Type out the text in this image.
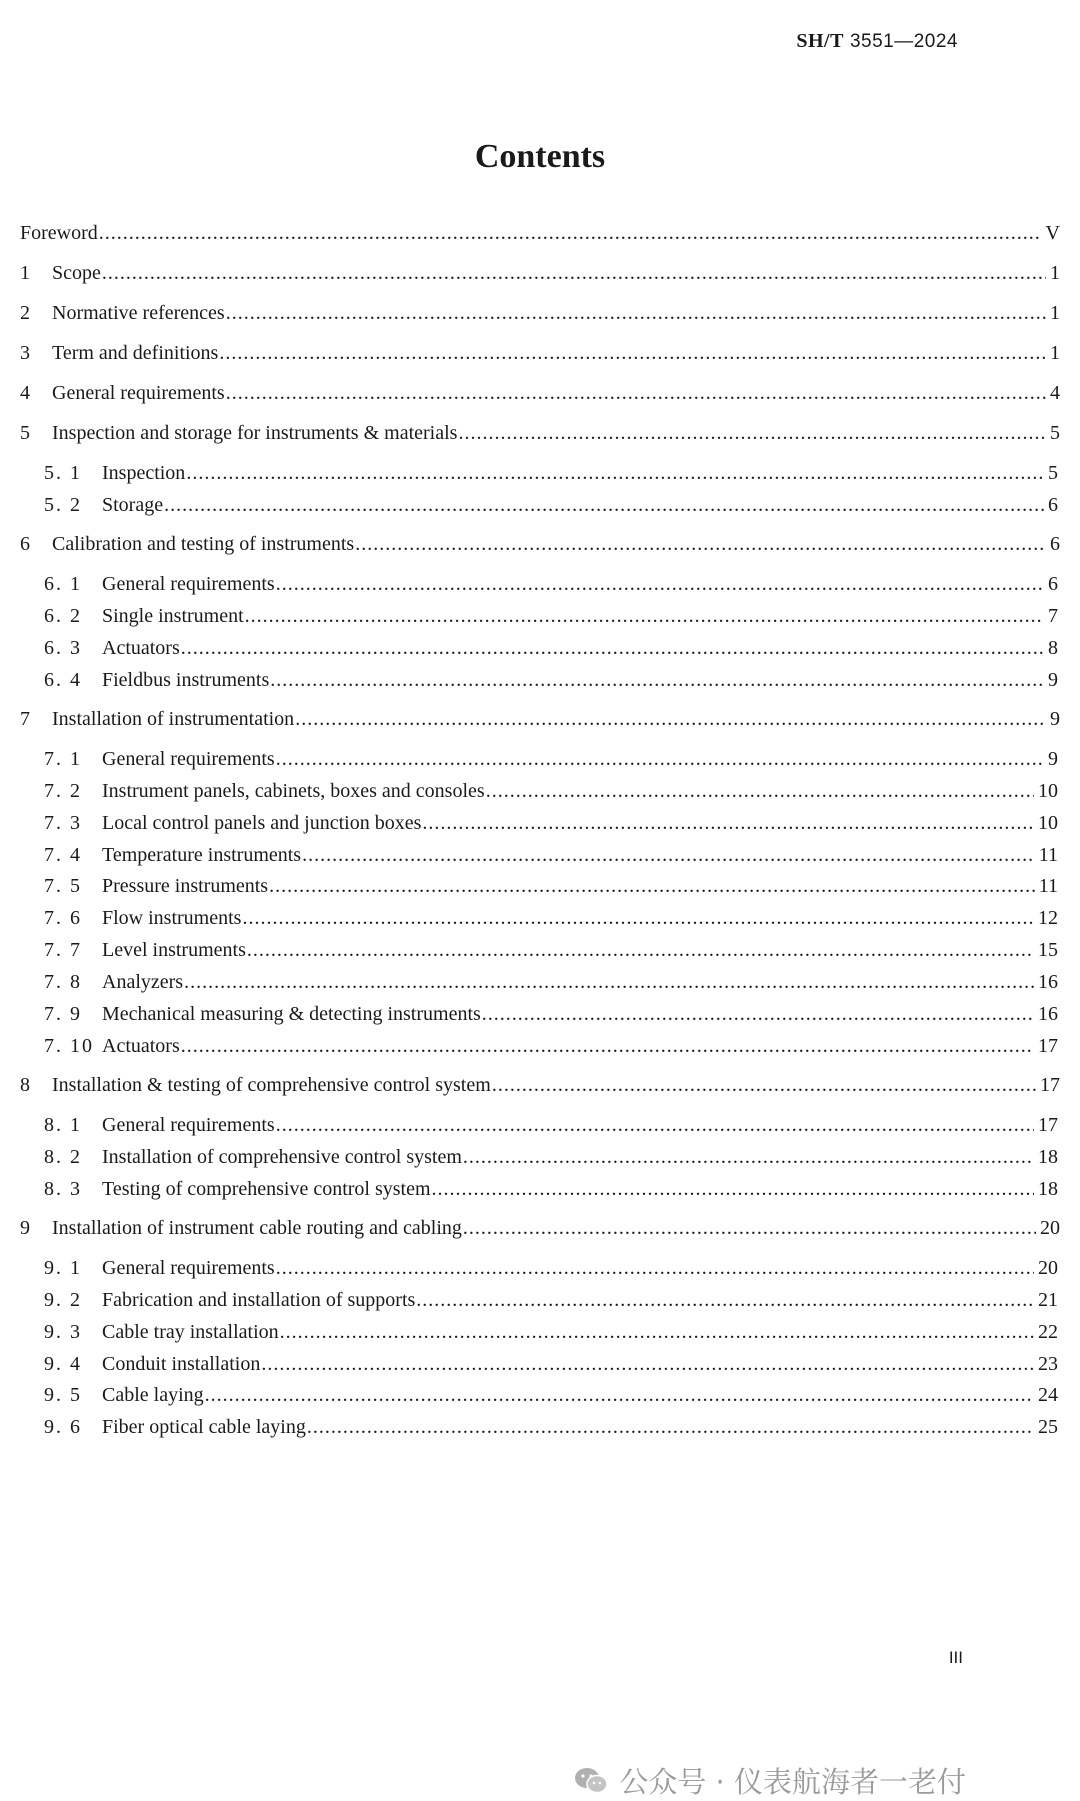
SH/T 3551—2024
Contents
Foreword .....	V
1	Scope .....	1
2	Normative references .....	1
3	Term and definitions .....	1
4	General requirements .....	4
5	Inspection and storage for instruments & materials .....	5
5. 1	Inspection .....	5
5. 2	Storage .....	6
6	Calibration and testing of instruments .....	6
6. 1	General requirements .....	6
6. 2	Single instrument .....	7
6. 3	Actuators .....	8
6. 4	Fieldbus instruments .....	9
7	Installation of instrumentation .....	9
7. 1	General requirements .....	9
7. 2	Instrument panels, cabinets, boxes and consoles .....	10
7. 3	Local control panels and junction boxes .....	10
7. 4	Temperature instruments .....	11
7. 5	Pressure instruments .....	11
7. 6	Flow instruments .....	12
7. 7	Level instruments .....	15
7. 8	Analyzers .....	16
7. 9	Mechanical measuring & detecting instruments .....	16
7. 10 Actuators .....	17
8	Installation & testing of comprehensive control system .....	17
8. 1	General requirements .....	17
8. 2	Installation of comprehensive control system .....	18
8. 3	Testing of comprehensive control system .....	18
9	Installation of instrument cable routing and cabling .....	20
9. 1	General requirements .....	20
9. 2	Fabrication and installation of supports .....	21
9. 3	Cable tray installation .....	22
9. 4	Conduit installation .....	23
9. 5	Cable laying .....	24
9. 6	Fiber optical cable laying .....	25
III
公众号 · 仪表航海者一老付
